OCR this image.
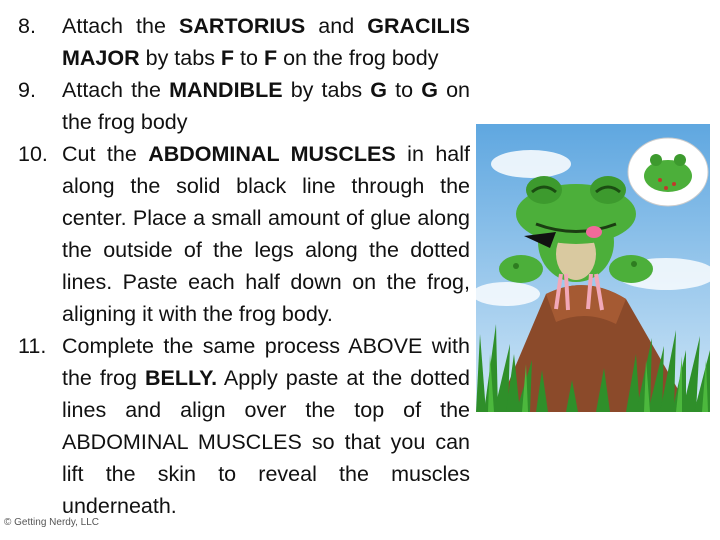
8.	Attach the SARTORIUS and GRACILIS MAJOR by tabs F to F on the frog body
9.	Attach the MANDIBLE by tabs G to G on the frog body
10. Cut the ABDOMINAL MUSCLES in half along the solid black line through the center. Place a small amount of glue along the outside of the legs along the dotted lines. Paste each half down on the frog, aligning it with the frog body.
11. Complete the same process ABOVE with the frog BELLY. Apply paste at the dotted lines and align over the top of the ABDOMINAL MUSCLES so that you can lift the skin to reveal the muscles underneath.
© Getting Nerdy, LLC
